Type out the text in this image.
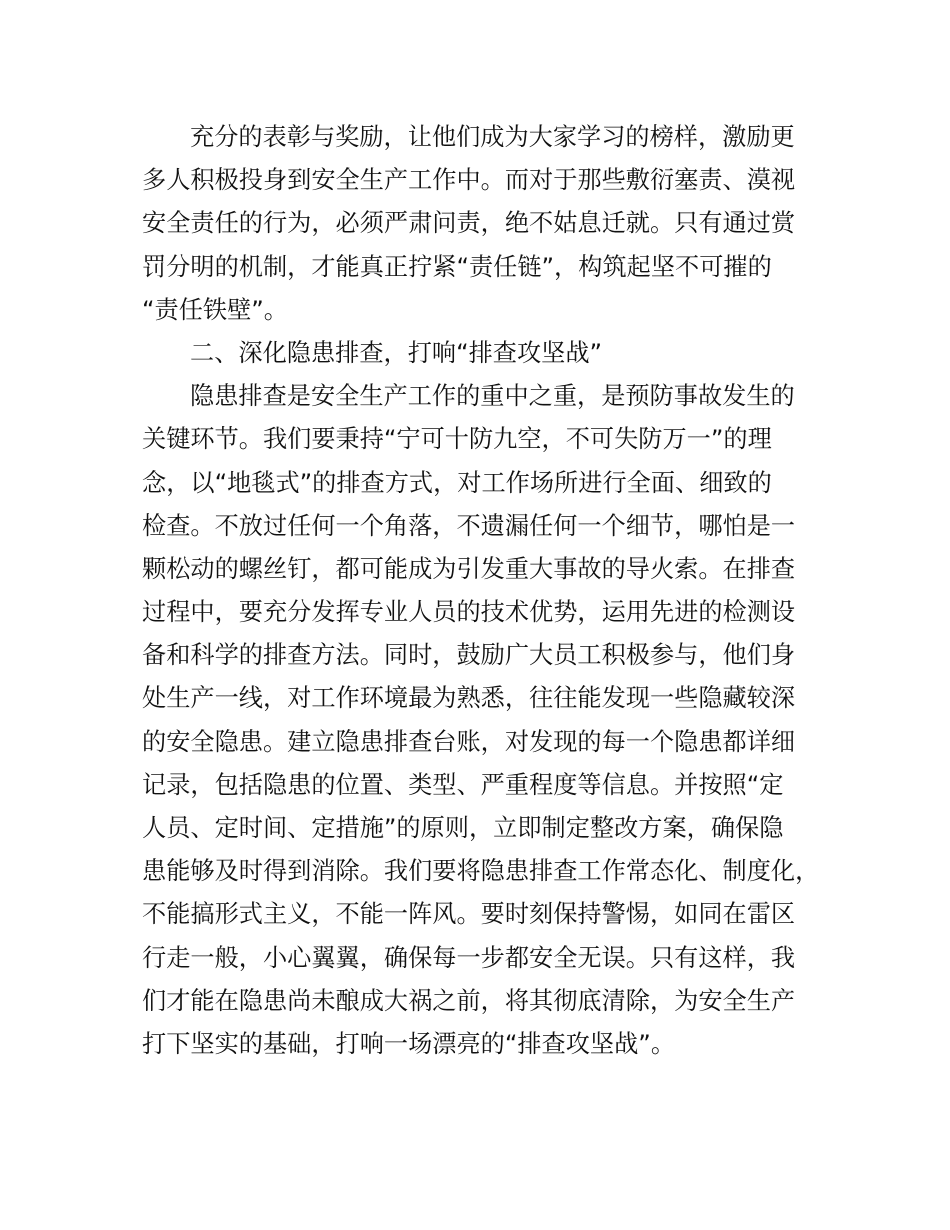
充分的表彰与奖励，让他们成为大家学习的榜样，激励更
多人积极投身到安全生产工作中。而对于那些敷衍塞责、漠视
安全责任的行为，必须严肃问责，绝不姑息迁就。只有通过赏
罚分明的机制，才能真正拧紧“责任链”，构筑起坚不可摧的
“责任铁壁”。
二、深化隐患排查，打响“排查攻坚战”
隐患排查是安全生产工作的重中之重，是预防事故发生的
关键环节。我们要秉持“宁可十防九空，不可失防万一”的理
念，以“地毯式”的排查方式，对工作场所进行全面、细致的
检查。不放过任何一个角落，不遗漏任何一个细节，哪怕是一
颗松动的螺丝钉，都可能成为引发重大事故的导火索。在排查
过程中，要充分发挥专业人员的技术优势，运用先进的检测设
备和科学的排查方法。同时，鼓励广大员工积极参与，他们身
处生产一线，对工作环境最为熟悉，往往能发现一些隐藏较深
的安全隐患。建立隐患排查台账，对发现的每一个隐患都详细
记录，包括隐患的位置、类型、严重程度等信息。并按照“定
人员、定时间、定措施”的原则，立即制定整改方案，确保隐
患能够及时得到消除。我们要将隐患排查工作常态化、制度化，
不能搞形式主义，不能一阵风。要时刻保持警惕，如同在雷区
行走一般，小心翼翼，确保每一步都安全无误。只有这样，我
们才能在隐患尚未酿成大祸之前，将其彻底清除，为安全生产
打下坚实的基础，打响一场漂亮的“排查攻坚战”。
